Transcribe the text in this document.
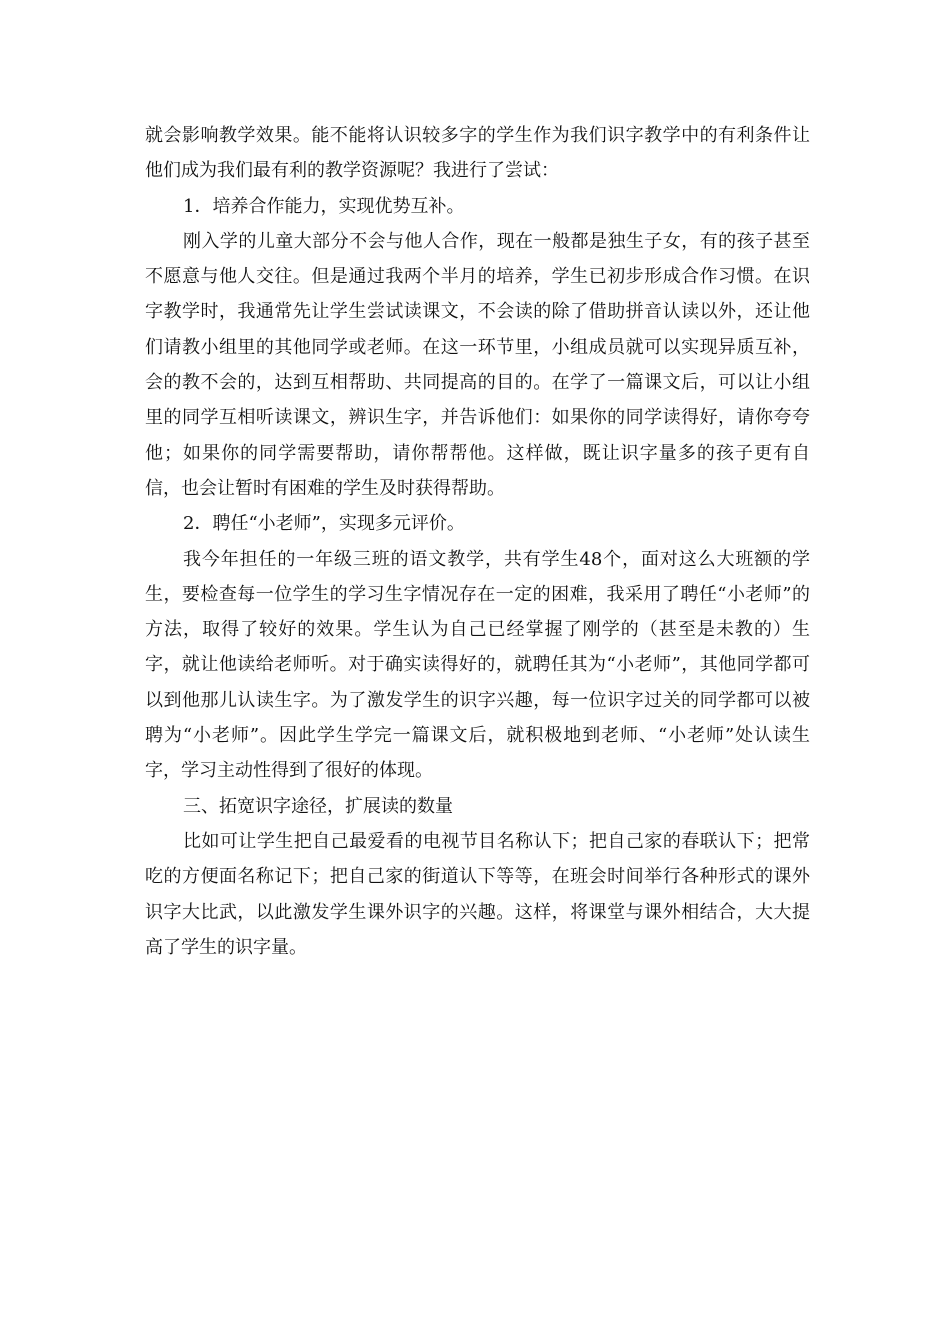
就会影响教学效果。能不能将认识较多字的学生作为我们识字教学中的有利条件让他们成为我们最有利的教学资源呢？我进行了尝试：

1．培养合作能力，实现优势互补。

刚入学的儿童大部分不会与他人合作，现在一般都是独生子女，有的孩子甚至不愿意与他人交往。但是通过我两个半月的培养，学生已初步形成合作习惯。在识字教学时，我通常先让学生尝试读课文，不会读的除了借助拼音认读以外，还让他们请教小组里的其他同学或老师。在这一环节里，小组成员就可以实现异质互补，会的教不会的，达到互相帮助、共同提高的目的。在学了一篇课文后，可以让小组里的同学互相听读课文，辨识生字，并告诉他们：如果你的同学读得好，请你夸夸他；如果你的同学需要帮助，请你帮帮他。这样做，既让识字量多的孩子更有自信，也会让暂时有困难的学生及时获得帮助。

2．聘任“小老师”，实现多元评价。

我今年担任的一年级三班的语文教学，共有学生48个，面对这么大班额的学生，要检查每一位学生的学习生字情况存在一定的困难，我采用了聘任“小老师”的方法，取得了较好的效果。学生认为自己已经掌握了刚学的（甚至是未教的）生字，就让他读给老师听。对于确实读得好的，就聘任其为“小老师”，其他同学都可以到他那儿认读生字。为了激发学生的识字兴趣，每一位识字过关的同学都可以被聘为“小老师”。因此学生学完一篇课文后，就积极地到老师、“小老师”处认读生字，学习主动性得到了很好的体现。

三、拓宽识字途径，扩展读的数量

比如可让学生把自己最爱看的电视节目名称认下；把自己家的春联认下；把常吃的方便面名称记下；把自己家的街道认下等等，在班会时间举行各种形式的课外识字大比武，以此激发学生课外识字的兴趣。这样，将课堂与课外相结合，大大提高了学生的识字量。
